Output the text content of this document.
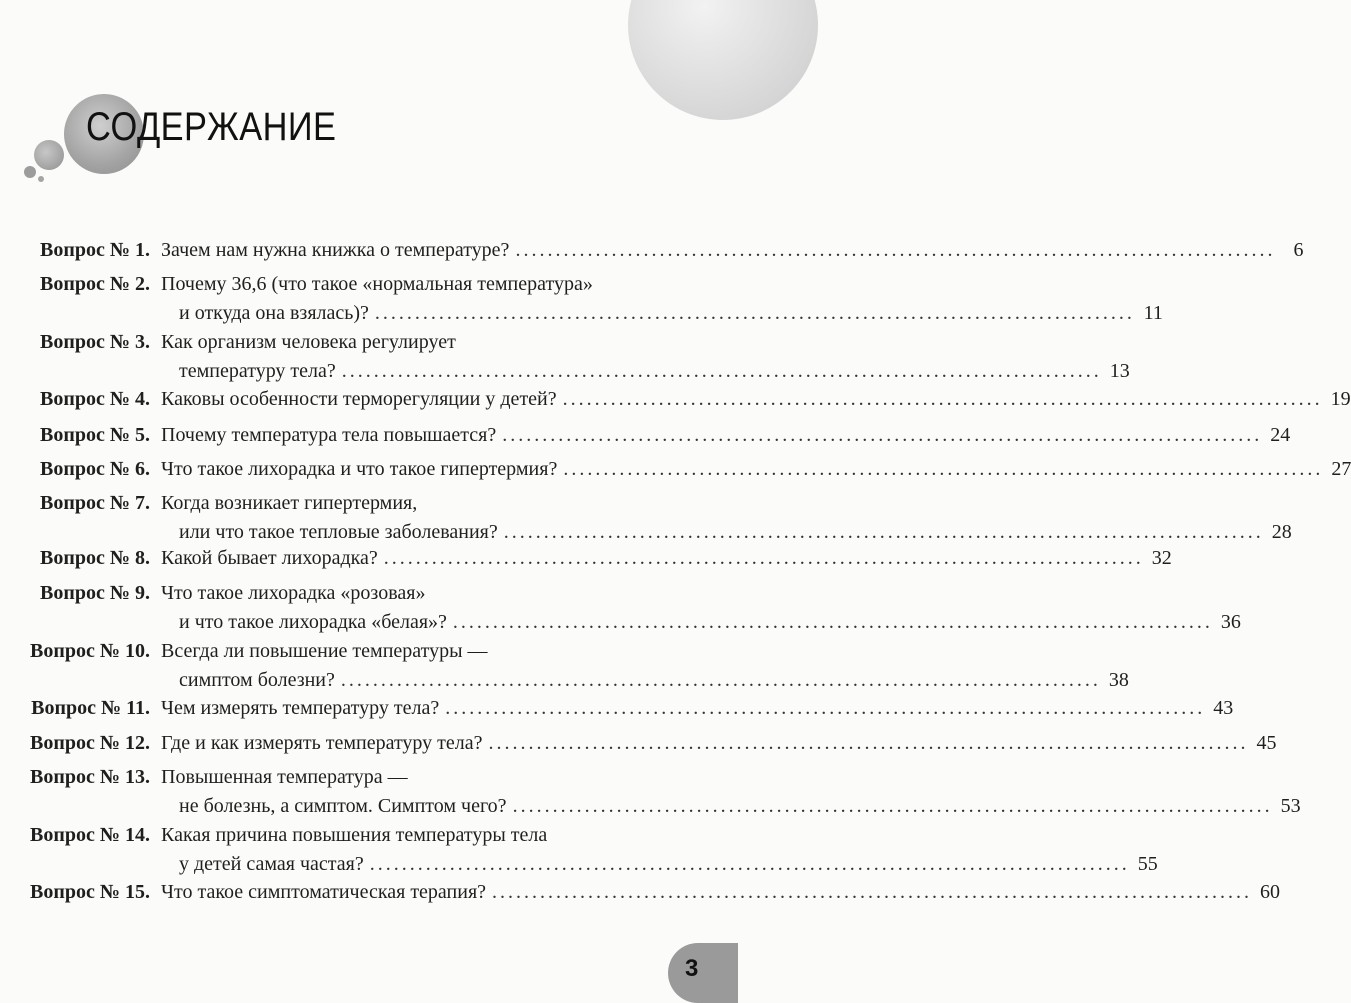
СОДЕРЖАНИЕ
Вопрос № 1. Зачем нам нужна книжка о температуре? ............................................................................................... 6
Вопрос № 2. Почему 36,6 (что такое «нормальная температура»
и откуда она взялась)? ............................................................................................... 11
Вопрос № 3. Как организм человека регулирует
температуру тела? ............................................................................................... 13
Вопрос № 4. Каковы особенности терморегуляции у детей? ............................................................................................... 19
Вопрос № 5. Почему температура тела повышается? ............................................................................................... 24
Вопрос № 6. Что такое лихорадка и что такое гипертермия? ............................................................................................... 27
Вопрос № 7. Когда возникает гипертермия,
или что такое тепловые заболевания? ............................................................................................... 28
Вопрос № 8. Какой бывает лихорадка? ............................................................................................... 32
Вопрос № 9. Что такое лихорадка «розовая»
и что такое лихорадка «белая»? ............................................................................................... 36
Вопрос № 10. Всегда ли повышение температуры —
симптом болезни? ............................................................................................... 38
Вопрос № 11. Чем измерять температуру тела? ............................................................................................... 43
Вопрос № 12. Где и как измерять температуру тела? ............................................................................................... 45
Вопрос № 13. Повышенная температура —
не болезнь, а симптом. Симптом чего? ............................................................................................... 53
Вопрос № 14. Какая причина повышения температуры тела
у детей самая частая? ............................................................................................... 55
Вопрос № 15. Что такое симптоматическая терапия? ............................................................................................... 60
3
